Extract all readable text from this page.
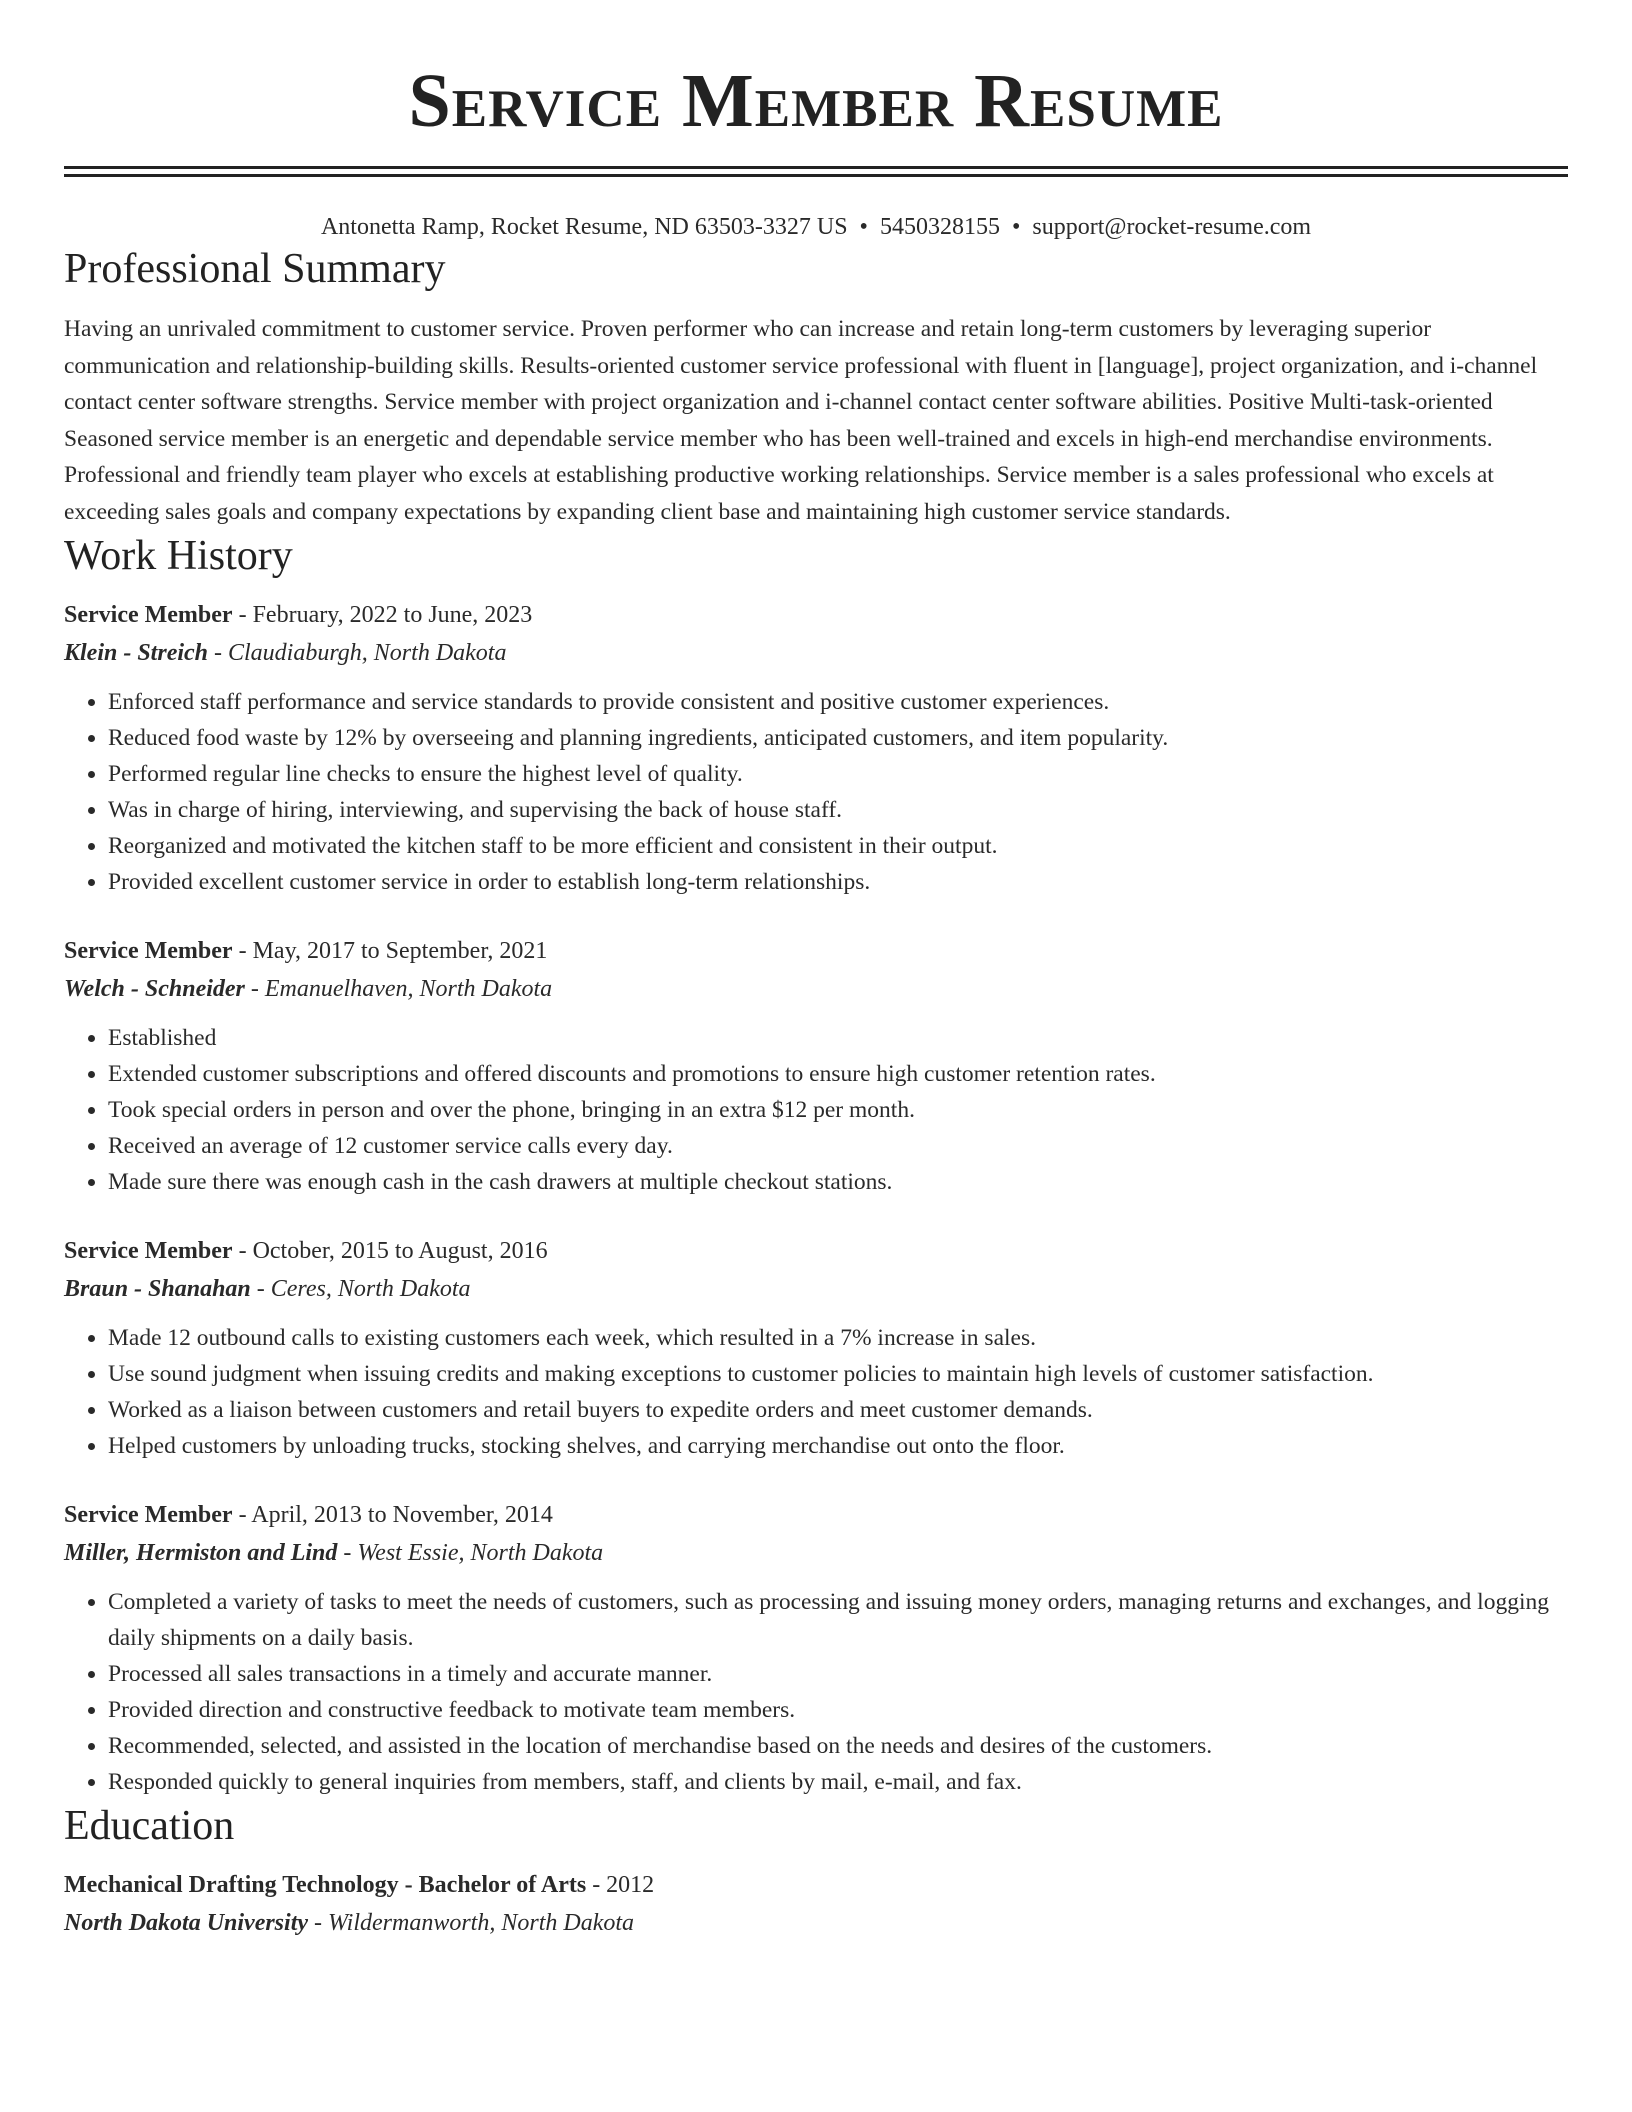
Service Member Resume
Antonetta Ramp, Rocket Resume, ND 63503-3327 US • 5450328155 • support@rocket-resume.com
Professional Summary

Having an unrivaled commitment to customer service. Proven performer who can increase and retain long-term customers by leveraging superior communication and relationship-building skills. Results-oriented customer service professional with fluent in [language], project organization, and i-channel contact center software strengths. Service member with project organization and i-channel contact center software abilities. Positive Multi-task-oriented Seasoned service member is an energetic and dependable service member who has been well-trained and excels in high-end merchandise environments. Professional and friendly team player who excels at establishing productive working relationships. Service member is a sales professional who excels at exceeding sales goals and company expectations by expanding client base and maintaining high customer service standards.

Work History
Service Member - February, 2022 to June, 2023
Klein - Streich - Claudiaburgh, North Dakota
• Enforced staff performance and service standards to provide consistent and positive customer experiences.
• Reduced food waste by 12% by overseeing and planning ingredients, anticipated customers, and item popularity.
• Performed regular line checks to ensure the highest level of quality.
• Was in charge of hiring, interviewing, and supervising the back of house staff.
• Reorganized and motivated the kitchen staff to be more efficient and consistent in their output.
• Provided excellent customer service in order to establish long-term relationships.
Service Member - May, 2017 to September, 2021
Welch - Schneider - Emanuelhaven, North Dakota
• Established
• Extended customer subscriptions and offered discounts and promotions to ensure high customer retention rates.
• Took special orders in person and over the phone, bringing in an extra $12 per month.
• Received an average of 12 customer service calls every day.
• Made sure there was enough cash in the cash drawers at multiple checkout stations.
Service Member - October, 2015 to August, 2016
Braun - Shanahan - Ceres, North Dakota
• Made 12 outbound calls to existing customers each week, which resulted in a 7% increase in sales.
• Use sound judgment when issuing credits and making exceptions to customer policies to maintain high levels of customer satisfaction.
• Worked as a liaison between customers and retail buyers to expedite orders and meet customer demands.
• Helped customers by unloading trucks, stocking shelves, and carrying merchandise out onto the floor.
Service Member - April, 2013 to November, 2014
Miller, Hermiston and Lind - West Essie, North Dakota
• Completed a variety of tasks to meet the needs of customers, such as processing and issuing money orders, managing returns and exchanges, and logging daily shipments on a daily basis.
• Processed all sales transactions in a timely and accurate manner.
• Provided direction and constructive feedback to motivate team members.
• Recommended, selected, and assisted in the location of merchandise based on the needs and desires of the customers.
• Responded quickly to general inquiries from members, staff, and clients by mail, e-mail, and fax.
Education
Mechanical Drafting Technology - Bachelor of Arts - 2012
North Dakota University - Wildermanworth, North Dakota
